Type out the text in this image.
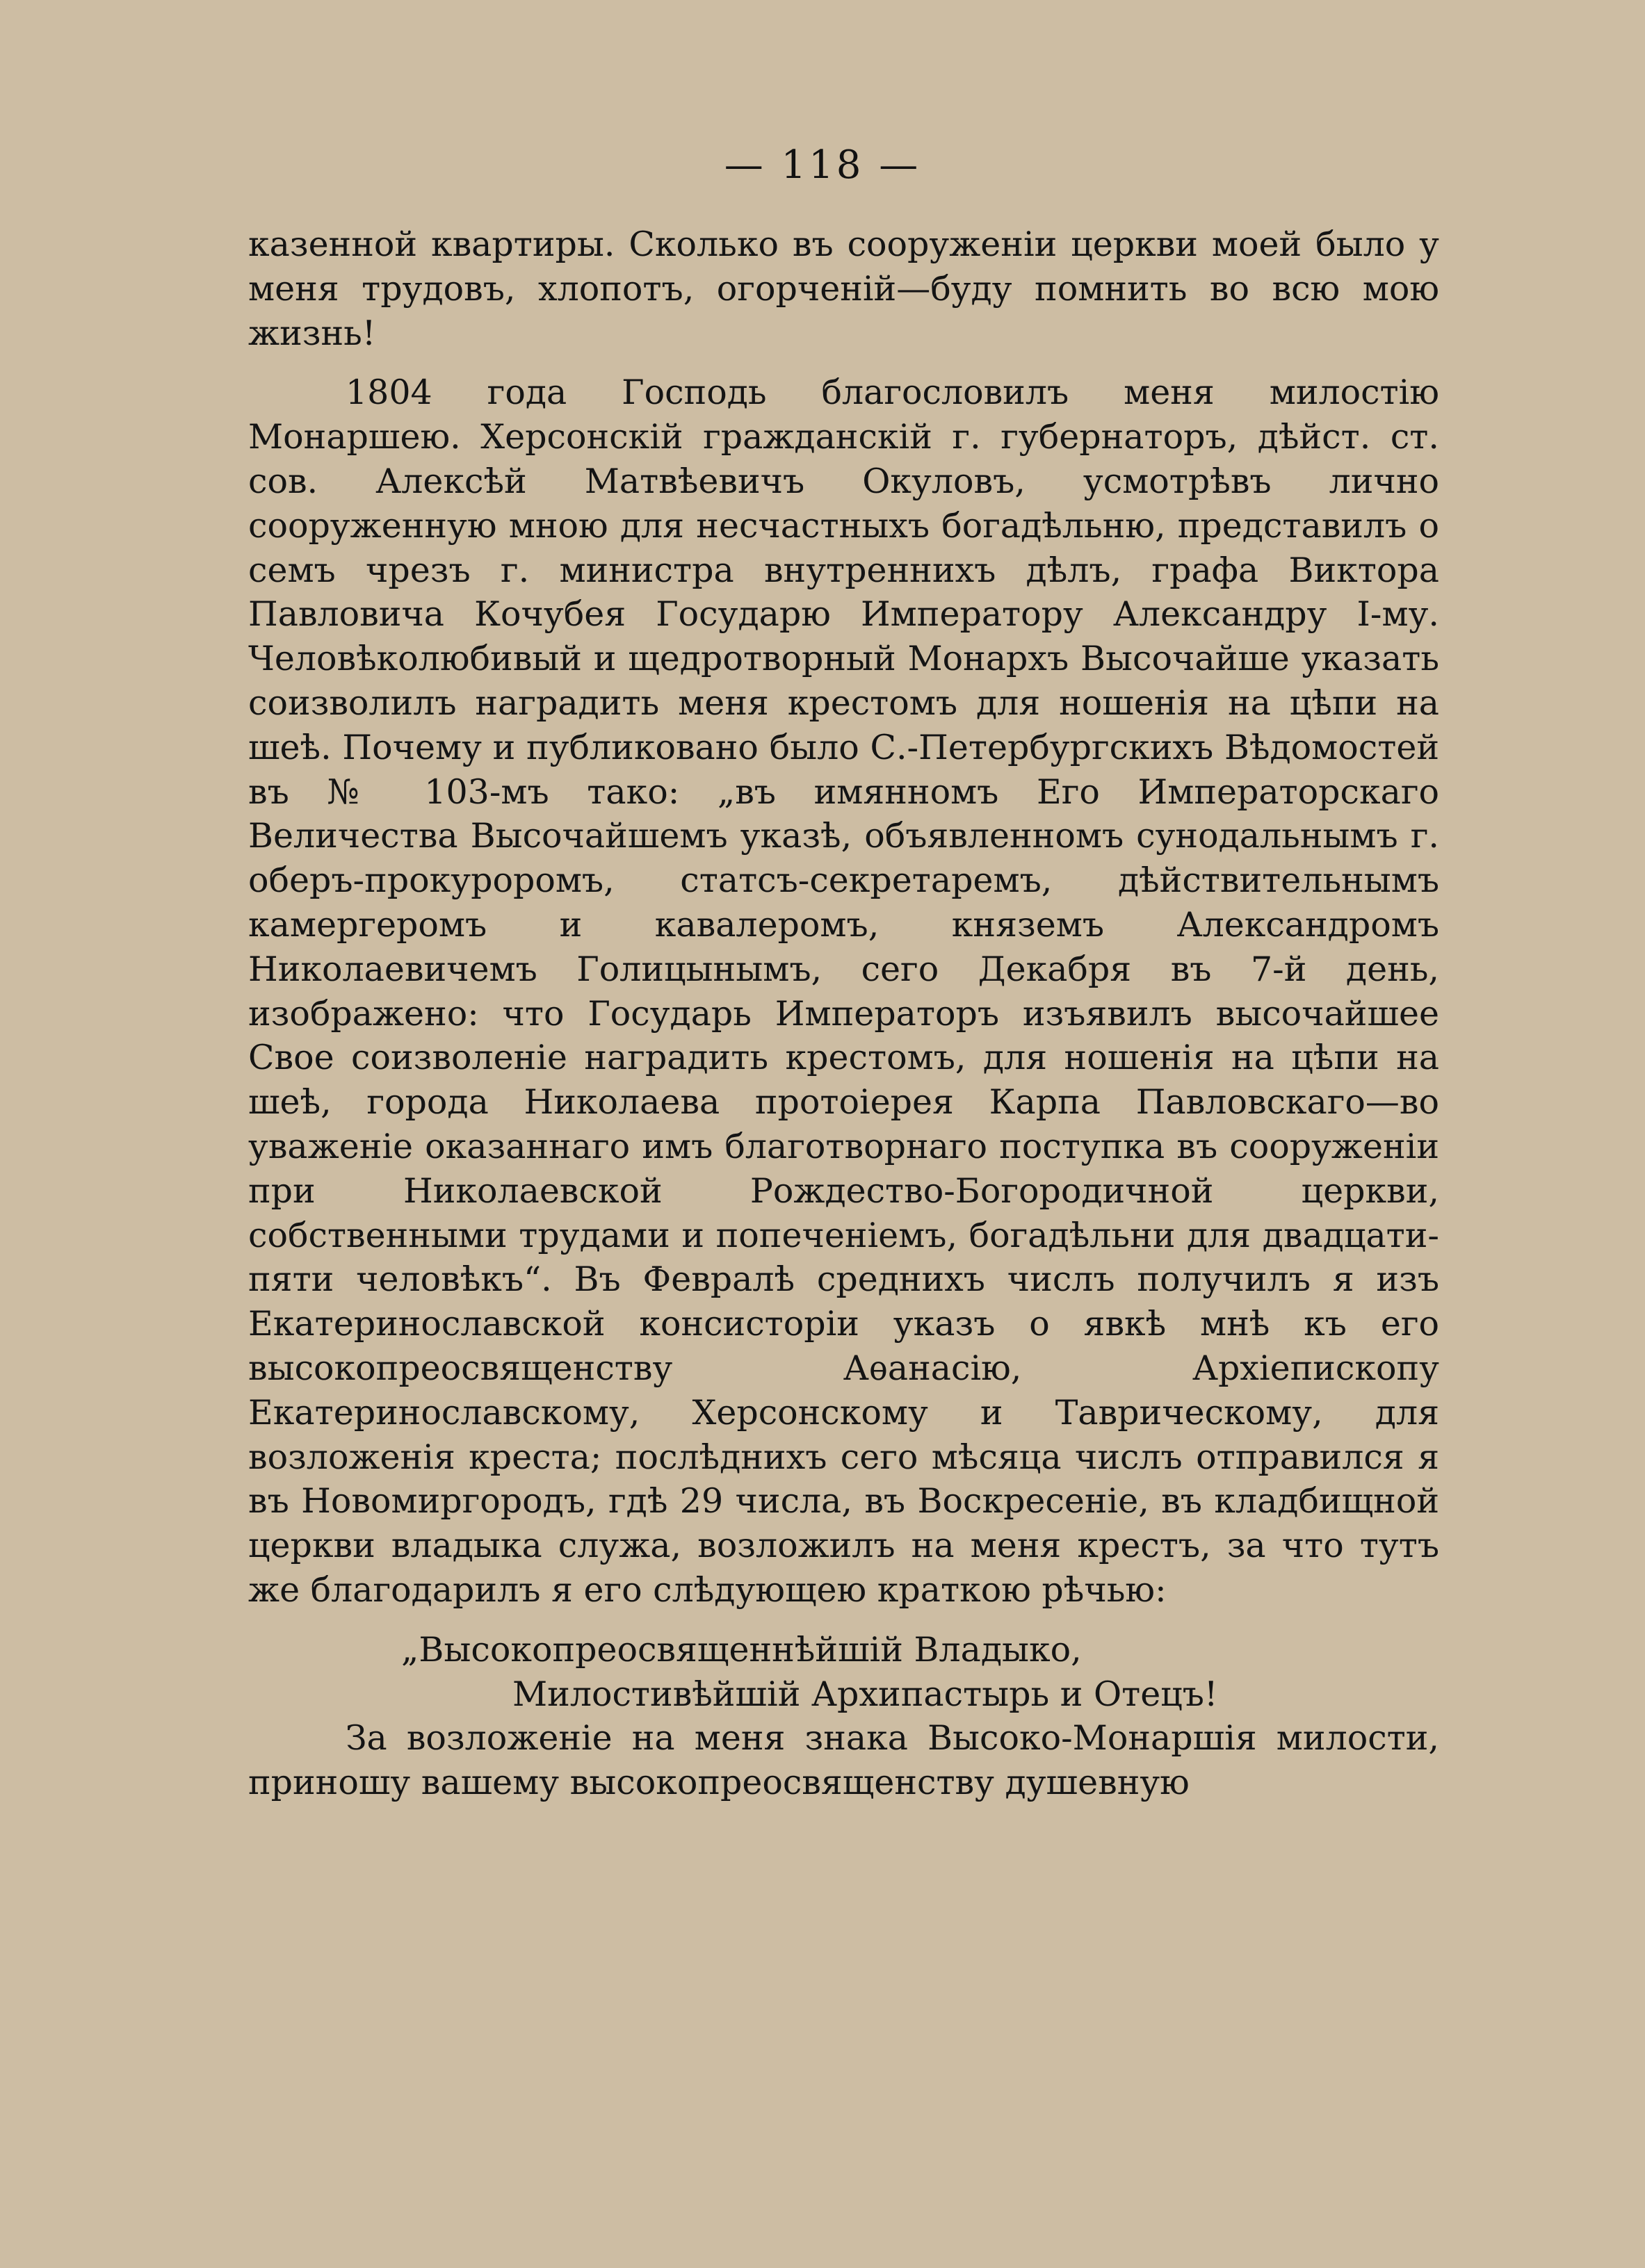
— 118 —

казенной квартиры. Сколько въ сооруженіи церкви моей было у меня трудовъ, хлопотъ, огорченій—буду помнить во всю мою жизнь!

1804 года Господь благословилъ меня милостію Монаршею. Херсонскій гражданскій г. губернаторъ, дѣйст. ст. сов. Алексѣй Матвѣевичъ Окуловъ, усмотрѣвъ лично сооруженную мною для несчастныхъ богадѣльню, представилъ о семъ чрезъ г. министра внутреннихъ дѣлъ, графа Виктора Павловича Кочубея Государю Императору Александру I-му. Человѣколюбивый и щедротворный Монархъ Высочайше указать соизволилъ наградить меня крестомъ для ношенія на цѣпи на шеѣ. Почему и публиковано было С.-Петербургскихъ Вѣдомостей въ № 103-мъ тако: „въ имянномъ Его Императорскаго Величества Высочайшемъ указѣ, объявленномъ сунодальнымъ г. оберъ-прокуроромъ, статсъ-секретаремъ, дѣйствительнымъ камергеромъ и кавалеромъ, княземъ Александромъ Николаевичемъ Голицынымъ, сего Декабря въ 7-й день, изображено: что Государь Императоръ изъявилъ высочайшее Свое соизволеніе наградить крестомъ, для ношенія на цѣпи на шеѣ, города Николаева протоіерея Карпа Павловскаго—во уваженіе оказаннаго имъ благотворнаго поступка въ сооруженіи при Николаевской Рождество-Богородичной церкви, собственными трудами и попеченіемъ, богадѣльни для двадцати-пяти человѣкъ“. Въ Февралѣ среднихъ числъ получилъ я изъ Екатеринославской консисторіи указъ о явкѣ мнѣ къ его высокопреосвященству Аѳанасію, Архіепископу Екатеринославскому, Херсонскому и Таврическому, для возложенія креста; послѣднихъ сего мѣсяца числъ отправился я въ Новомиргородъ, гдѣ 29 числа, въ Воскресеніе, въ кладбищной церкви владыка служа, возложилъ на меня крестъ, за что тутъ же благодарилъ я его слѣдующею краткою рѣчью:

„Высокопреосвященнѣйшій Владыко,
Милостивѣйшій Архипастырь и Отецъ!

За возложеніе на меня знака Высоко-Монаршія милости, приношу вашему высокопреосвященству душевную
